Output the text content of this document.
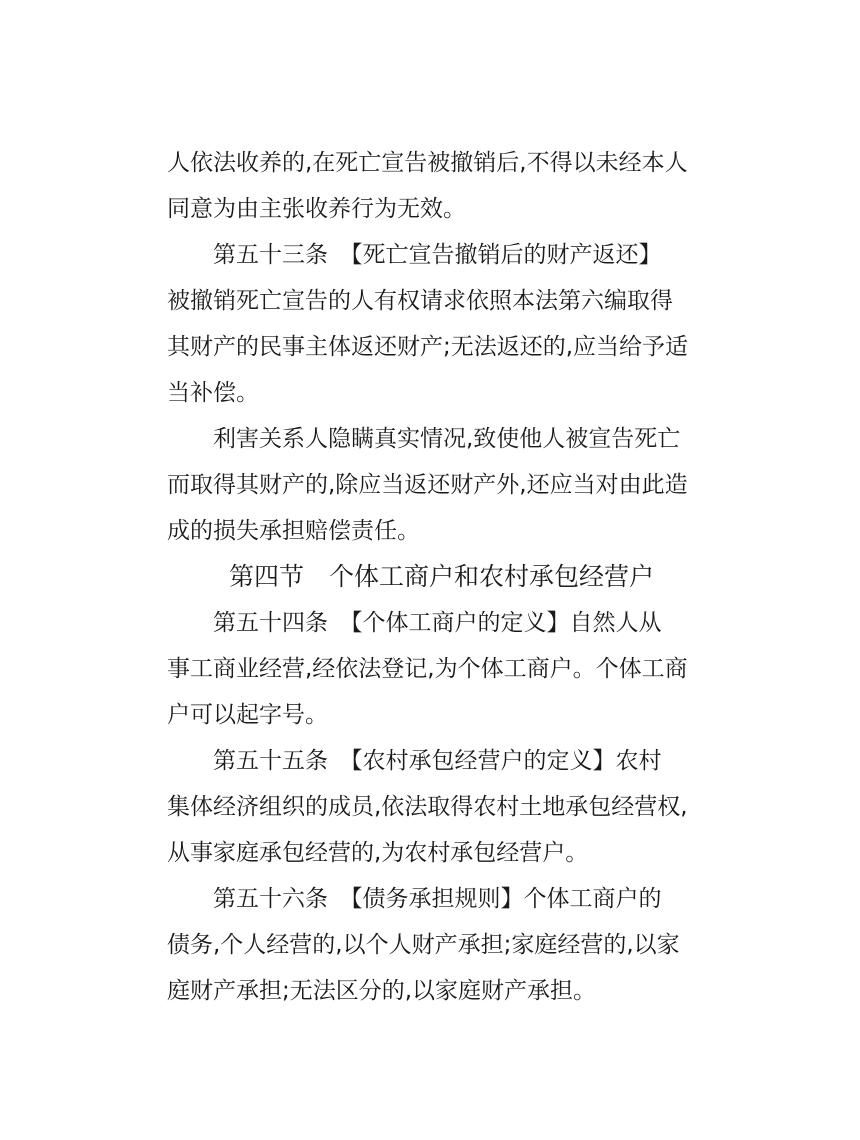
人依法收养的,在死亡宣告被撤销后,不得以未经本人
同意为由主张收养行为无效。
第五十三条　【死亡宣告撤销后的财产返还】
被撤销死亡宣告的人有权请求依照本法第六编取得
其财产的民事主体返还财产;无法返还的,应当给予适
当补偿。
利害关系人隐瞒真实情况,致使他人被宣告死亡
而取得其财产的,除应当返还财产外,还应当对由此造
成的损失承担赔偿责任。
第四节　个体工商户和农村承包经营户
第五十四条　【个体工商户的定义】自然人从
事工商业经营,经依法登记,为个体工商户。个体工商
户可以起字号。
第五十五条　【农村承包经营户的定义】农村
集体经济组织的成员,依法取得农村土地承包经营权,
从事家庭承包经营的,为农村承包经营户。
第五十六条　【债务承担规则】个体工商户的
债务,个人经营的,以个人财产承担;家庭经营的,以家
庭财产承担;无法区分的,以家庭财产承担。
